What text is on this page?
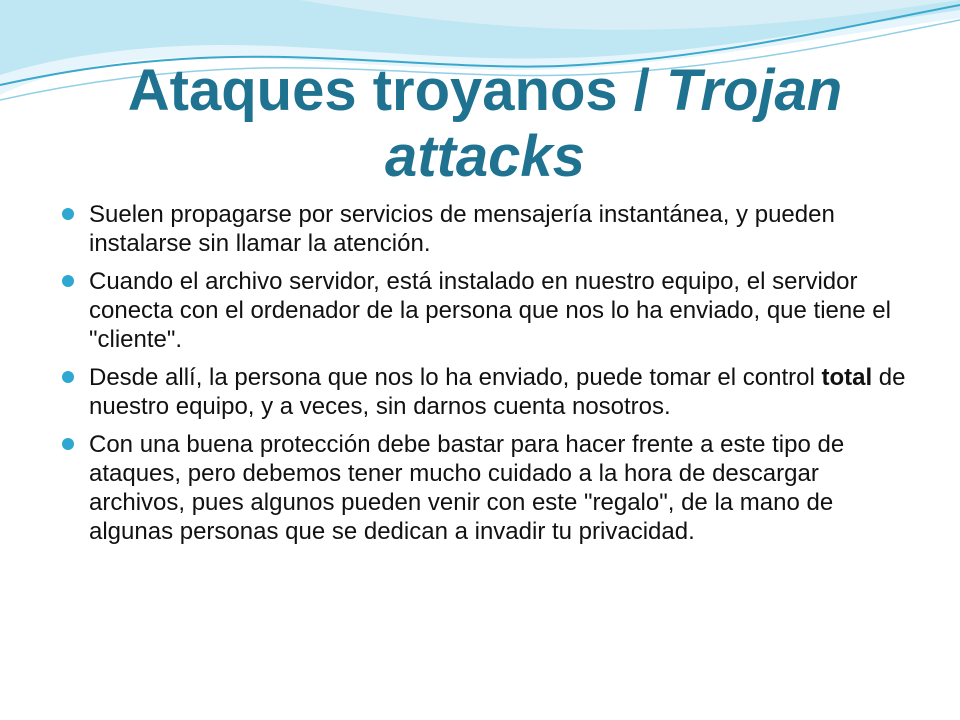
Ataques troyanos / Trojan attacks
Suelen propagarse por servicios de mensajería instantánea, y pueden instalarse sin llamar la atención.
Cuando el archivo servidor, está instalado en nuestro equipo, el servidor conecta con el ordenador de la persona que nos lo ha enviado, que tiene el "cliente".
Desde allí, la persona que nos lo ha enviado, puede tomar el control total de nuestro equipo, y a veces, sin darnos cuenta nosotros.
Con una buena protección debe bastar para hacer frente a este tipo de ataques, pero debemos tener mucho cuidado a la hora de descargar archivos, pues algunos pueden venir con este "regalo", de la mano de algunas personas que se dedican a invadir tu privacidad.
